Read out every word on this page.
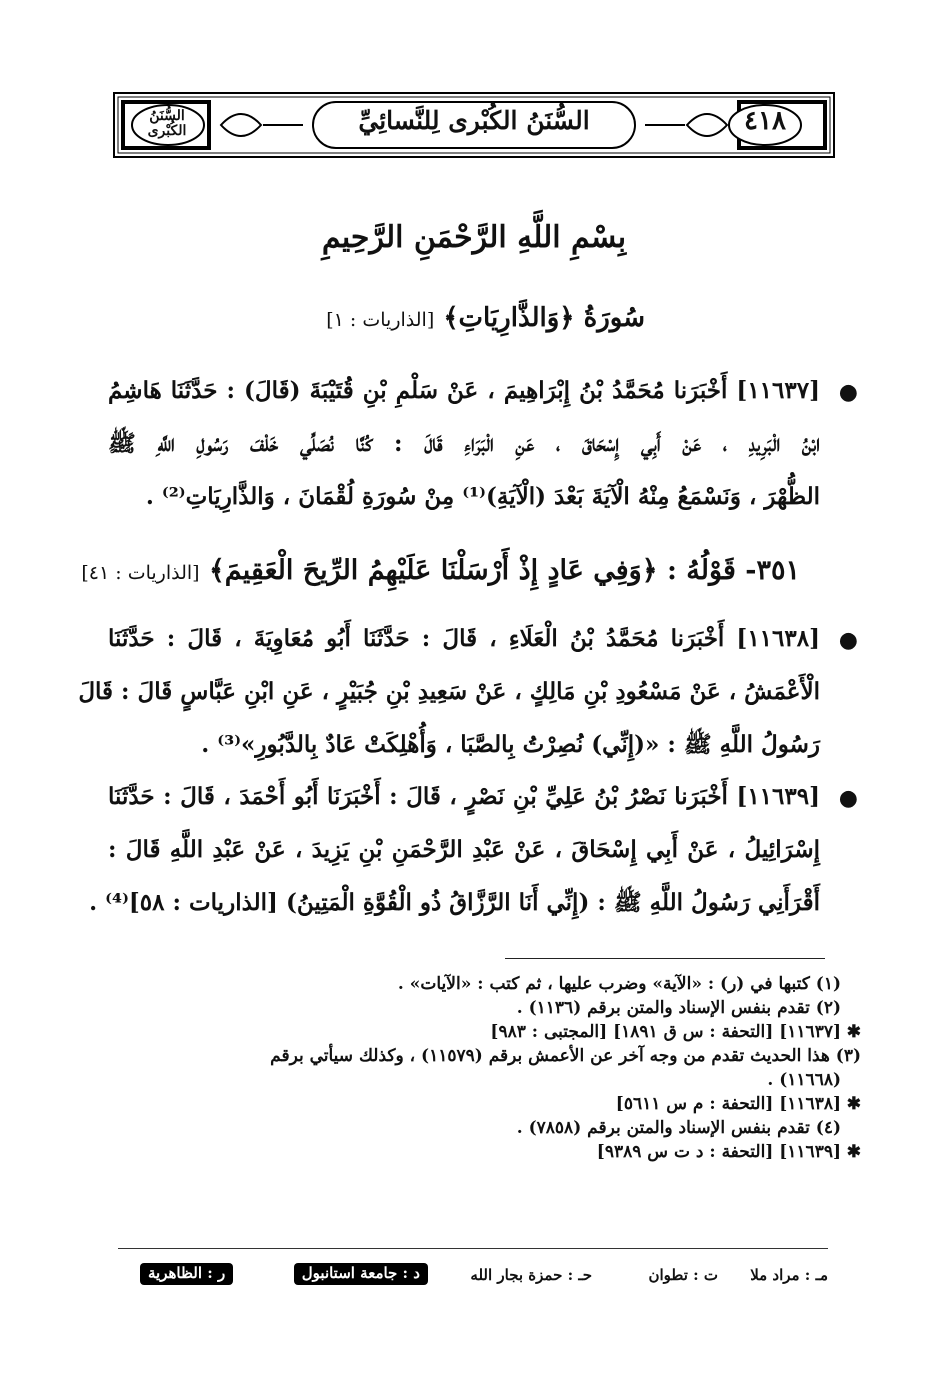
السُّنَنُ الكُبْرى	السُّنَنُ الكُبْرى لِلنَّسائِيِّ	٤١٨
بِسْمِ اللَّهِ الرَّحْمَنِ الرَّحِيمِ
سُورَةُ ﴿وَالذَّارِيَاتِ﴾ [الذاريات : ١]
●
[١١٦٣٧] أَخْبَرَنا مُحَمَّدُ بْنُ إِبْرَاهِيمَ ، عَنْ سَلْمِ بْنِ قُتَيْبَةَ (قَالَ) : حَدَّثَنَا هَاشِمُ
ابْنُ الْبَرِيدِ ، عَنْ أَبِي إِسْحَاقَ ، عَنِ الْبَرَاءِ قَالَ : كُنَّا نُصَلِّي خَلْفَ رَسُولِ اللَّهِ ﷺ
الظُّهْرَ ، وَنَسْمَعُ مِنْهُ الْآيَةَ بَعْدَ (الْآيَةِ)⁽¹⁾ مِنْ سُورَةِ لُقْمَانَ ، وَالذَّارِيَاتِ⁽²⁾ .
٣٥١- قَوْلُهُ : ﴿وَفِي عَادٍ إِذْ أَرْسَلْنَا عَلَيْهِمُ الرِّيحَ الْعَقِيمَ﴾ [الذاريات : ٤١]
●
[١١٦٣٨] أَخْبَرَنا مُحَمَّدُ بْنُ الْعَلَاءِ ، قَالَ : حَدَّثَنَا أَبُو مُعَاوِيَةَ ، قَالَ : حَدَّثَنَا
الْأَعْمَشُ ، عَنْ مَسْعُودِ بْنِ مَالِكٍ ، عَنْ سَعِيدِ بْنِ جُبَيْرٍ ، عَنِ ابْنِ عَبَّاسٍ قَالَ : قَالَ
رَسُولُ اللَّهِ ﷺ : «(إِنِّي) نُصِرْتُ بِالصَّبَا ، وَأُهْلِكَتْ عَادٌ بِالدَّبُورِ»⁽³⁾ .
●
[١١٦٣٩] أَخْبَرَنا نَصْرُ بْنُ عَلِيِّ بْنِ نَصْرٍ ، قَالَ : أَخْبَرَنَا أَبُو أَحْمَدَ ، قَالَ : حَدَّثَنَا
إِسْرَائِيلُ ، عَنْ أَبِي إِسْحَاقَ ، عَنْ عَبْدِ الرَّحْمَنِ بْنِ يَزِيدَ ، عَنْ عَبْدِ اللَّهِ قَالَ :
أَقْرَأَنِي رَسُولُ اللَّهِ ﷺ : (إِنِّي أَنَا الرَّزَّاقُ ذُو الْقُوَّةِ الْمَتِينُ) [الذاريات : ٥٨]⁽⁴⁾ .
(١) كتبها في (ر) : «الآية» وضرب عليها ، ثم كتب : «الآيات» .
(٢) تقدم بنفس الإسناد والمتن برقم (١١٣٦) .
✱
[١١٦٣٧] [التحفة : س ق ١٨٩١] [المجتبى : ٩٨٣]
(٣) هذا الحديث تقدم من وجه آخر عن الأعمش برقم (١١٥٧٩) ، وكذلك سيأتي برقم
(١١٦٦٨) .
✱
[١١٦٣٨] [التحفة : م س ٥٦١١]
(٤) تقدم بنفس الإسناد والمتن برقم (٧٨٥٨) .
✱
[١١٦٣٩] [التحفة : د ت س ٩٣٨٩]
مـ : مراد ملا
ت : تطوان
حـ : حمزة بجار الله
د : جامعة استانبول
ر : الظاهرية
